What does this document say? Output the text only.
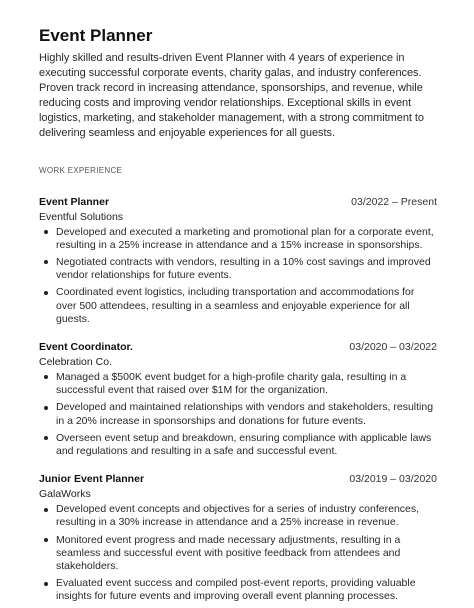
Event Planner

Highly skilled and results-driven Event Planner with 4 years of experience in executing successful corporate events, charity galas, and industry conferences. Proven track record in increasing attendance, sponsorships, and revenue, while reducing costs and improving vendor relationships. Exceptional skills in event logistics, marketing, and stakeholder management, with a strong commitment to delivering seamless and enjoyable experiences for all guests.

WORK EXPERIENCE
Event Planner	03/2022 – Present
Eventful Solutions
Developed and executed a marketing and promotional plan for a corporate event, resulting in a 25% increase in attendance and a 15% increase in sponsorships.
Negotiated contracts with vendors, resulting in a 10% cost savings and improved vendor relationships for future events.
Coordinated event logistics, including transportation and accommodations for over 500 attendees, resulting in a seamless and enjoyable experience for all guests.
Event Coordinator.	03/2020 – 03/2022
Celebration Co.
Managed a $500K event budget for a high-profile charity gala, resulting in a successful event that raised over $1M for the organization.
Developed and maintained relationships with vendors and stakeholders, resulting in a 20% increase in sponsorships and donations for future events.
Overseen event setup and breakdown, ensuring compliance with applicable laws and regulations and resulting in a safe and successful event.
Junior Event Planner	03/2019 – 03/2020
GalaWorks
Developed event concepts and objectives for a series of industry conferences, resulting in a 30% increase in attendance and a 25% increase in revenue.
Monitored event progress and made necessary adjustments, resulting in a seamless and successful event with positive feedback from attendees and stakeholders.
Evaluated event success and compiled post-event reports, providing valuable insights for future events and improving overall event planning processes.
